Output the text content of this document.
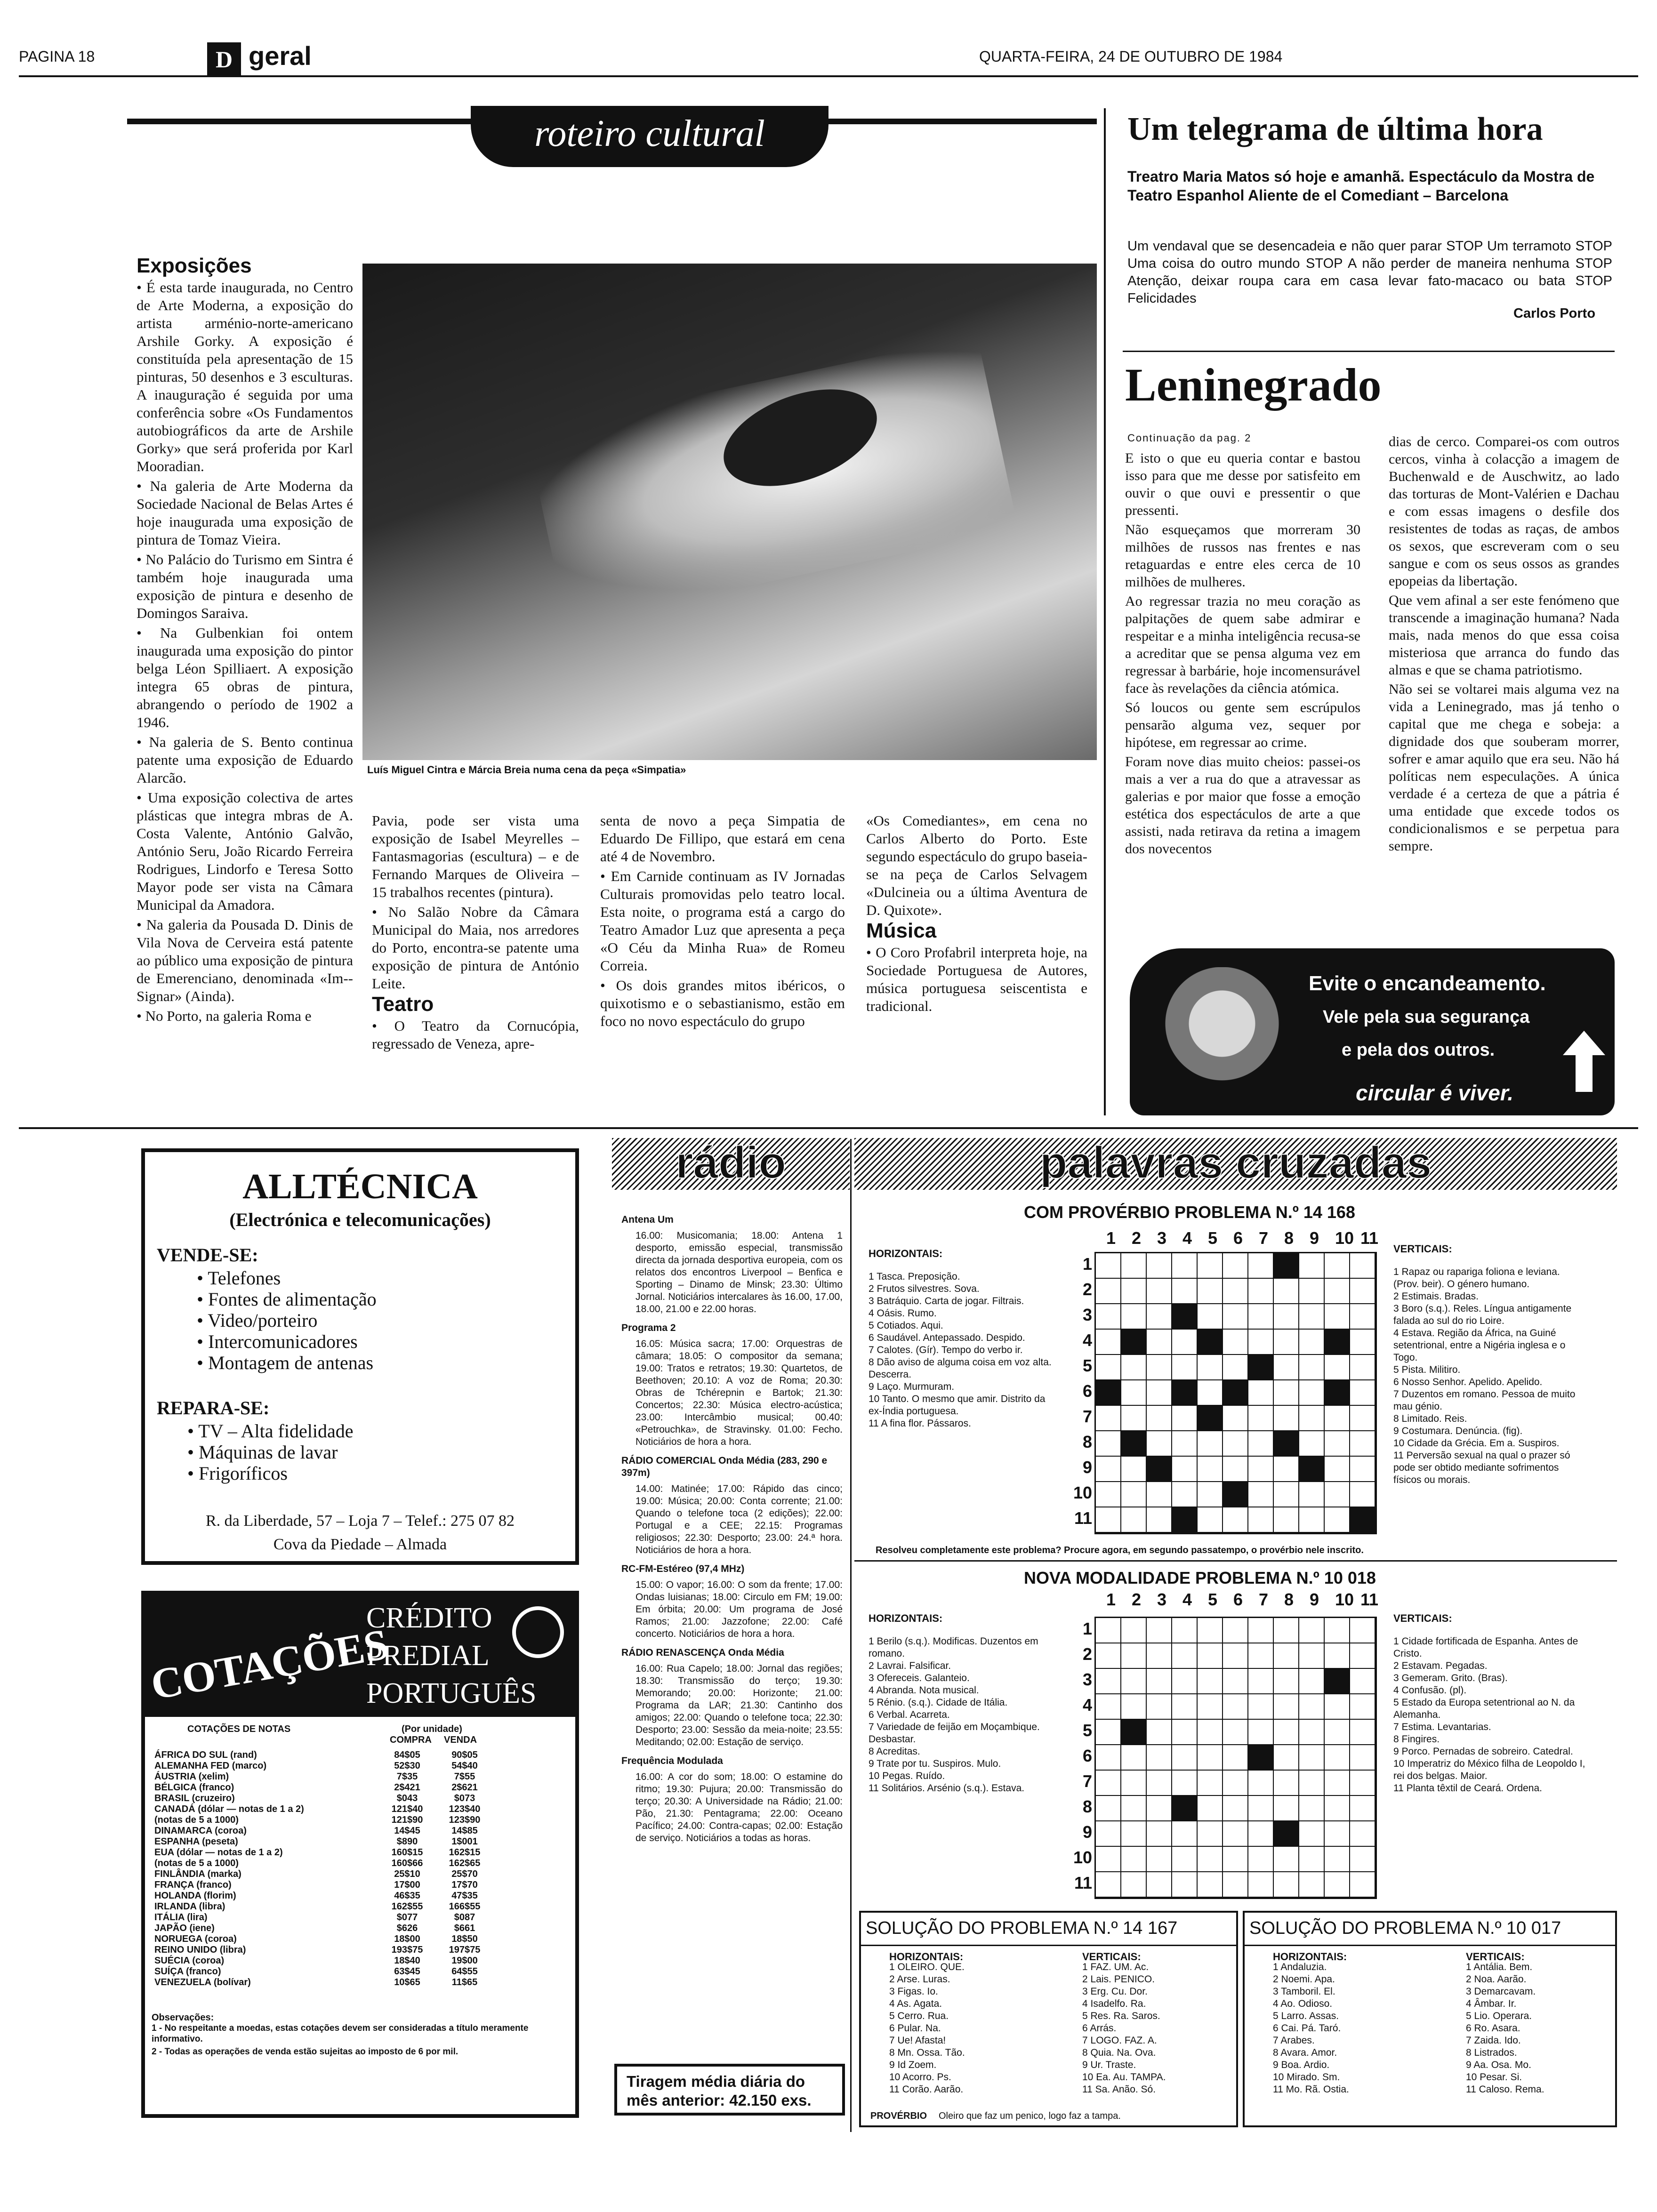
PAGINA 18	D geral	QUARTA-FEIRA, 24 DE OUTUBRO DE 1984
roteiro cultural
Luís Miguel Cintra e Márcia Breia numa cena da peça «Simpatia»
Exposições

• É esta tarde inaugurada, no Centro de Arte Moderna, a exposição do artista arménio-norte-americano Arshile Gorky. A exposição é constituída pela apresentação de 15 pinturas, 50 desenhos e 3 esculturas. A inauguração é seguida por uma conferência sobre «Os Fundamentos autobiográficos da arte de Arshile Gorky» que será proferida por Karl Mooradian.

• Na galeria de Arte Moderna da Sociedade Nacional de Belas Artes é hoje inaugurada uma exposição de pintura de Tomaz Vieira.

• No Palácio do Turismo em Sintra é também hoje inaugurada uma exposição de pintura e desenho de Domingos Saraiva.

• Na Gulbenkian foi ontem inaugurada uma exposição do pintor belga Léon Spilliaert. A exposição integra 65 obras de pintura, abrangendo o período de 1902 a 1946.

• Na galeria de S. Bento continua patente uma exposição de Eduardo Alarcão.

• Uma exposição colectiva de artes plásticas que integra mbras de A. Costa Valente, António Galvão, António Seru, João Ricardo Ferreira Rodrigues, Lindorfo e Teresa Sotto Mayor pode ser vista na Câmara Municipal da Amadora.

• Na galeria da Pousada D. Dinis de Vila Nova de Cerveira está patente ao público uma exposição de pintura de Emerenciano, denominada «Im--Signar» (Ainda).

• No Porto, na galeria Roma e

Pavia, pode ser vista uma exposição de Isabel Meyrelles – Fantasmagorias (escultura) – e de Fernando Marques de Oliveira – 15 trabalhos recentes (pintura).

• No Salão Nobre da Câmara Municipal do Maia, nos arredores do Porto, encontra-se patente uma exposição de pintura de António Leite.

Teatro

• O Teatro da Cornucópia, regressado de Veneza, apre-

senta de novo a peça Simpatia de Eduardo De Fillipo, que estará em cena até 4 de Novembro.

• Em Carnide continuam as IV Jornadas Culturais promovidas pelo teatro local. Esta noite, o programa está a cargo do Teatro Amador Luz que apresenta a peça «O Céu da Minha Rua» de Romeu Correia.

• Os dois grandes mitos ibéricos, o quixotismo e o sebastianismo, estão em foco no novo espectáculo do grupo

«Os Comediantes», em cena no Carlos Alberto do Porto. Este segundo espectáculo do grupo baseia-se na peça de Carlos Selvagem «Dulcineia ou a última Aventura de D. Quixote».

Música

• O Coro Profabril interpreta hoje, na Sociedade Portuguesa de Autores, música portuguesa seiscentista e tradicional.

Um telegrama de última hora
Treatro Maria Matos só hoje e amanhã. Espectáculo da Mostra de Teatro Espanhol Aliente de el Comediant – Barcelona
Um vendaval que se desencadeia e não quer parar STOP Um terramoto STOP Uma coisa do outro mundo STOP A não perder de maneira nenhuma STOP Atenção, deixar roupa cara em casa levar fato-macaco ou bata STOP Felicidades
Carlos Porto
Leninegrado
Continuação da pag. 2

E isto o que eu queria contar e bastou isso para que me desse por satisfeito em ouvir o que ouvi e pressentir o que pressenti.

Não esqueçamos que morreram 30 milhões de russos nas frentes e nas retaguardas e entre eles cerca de 10 milhões de mulheres.

Ao regressar trazia no meu coração as palpitações de quem sabe admirar e respeitar e a minha inteligência recusa-se a acreditar que se pensa alguma vez em regressar à barbárie, hoje incomensurável face às revelações da ciência atómica.

Só loucos ou gente sem escrúpulos pensarão alguma vez, sequer por hipótese, em regressar ao crime.

Foram nove dias muito cheios: passei-os mais a ver a rua do que a atravessar as galerias e por maior que fosse a emoção estética dos espectáculos de arte a que assisti, nada retirava da retina a imagem dos novecentos

dias de cerco. Comparei-os com outros cercos, vinha à colacção a imagem de Buchenwald e de Auschwitz, ao lado das torturas de Mont-Valérien e Dachau e com essas imagens o desfile dos resistentes de todas as raças, de ambos os sexos, que escreveram com o seu sangue e com os seus ossos as grandes epopeias da libertação.

Que vem afinal a ser este fenómeno que transcende a imaginação humana? Nada mais, nada menos do que essa coisa misteriosa que arranca do fundo das almas e que se chama patriotismo.

Não sei se voltarei mais alguma vez na vida a Leninegrado, mas já tenho o capital que me chega e sobeja: a dignidade dos que souberam morrer, sofrer e amar aquilo que era seu. Não há políticas nem especulações. A única verdade é a certeza de que a pátria é uma entidade que excede todos os condicionalismos e se perpetua para sempre.

Evite o encandeamento.
Vele pela sua segurança
e pela dos outros.
circular é viver.
ALLTÉCNICA
(Electrónica e telecomunicações)
VENDE-SE:
• Telefones
• Fontes de alimentação
• Video/porteiro
• Intercomunicadores
• Montagem de antenas
REPARA-SE:
• TV – Alta fidelidade
• Máquinas de lavar
• Frigoríficos
R. da Liberdade, 57 – Loja 7 – Telef.: 275 07 82
Cova da Piedade – Almada
COTAÇÕES
CRÉDITO
PREDIAL
PORTUGUÊS
COTAÇÕES DE NOTAS	(Por unidade)
COMPRA VENDA
ÁFRICA DO SUL (rand)	84$05	90$05
ALEMANHA FED (marco)	52$30	54$40
ÁUSTRIA (xelim)	7$35	7$55
BÉLGICA (franco)	2$421	2$621
BRASIL (cruzeiro)	$043	$073
CANADÁ (dólar — notas de 1 a 2)	121$40	123$40
(notas de 5 a 1000)	121$90	123$90
DINAMARCA (coroa)	14$45	14$85
ESPANHA (peseta)	$890	1$001
EUA (dólar — notas de 1 a 2)	160$15	162$15
(notas de 5 a 1000)	160$66	162$65
FINLÂNDIA (marka)	25$10	25$70
FRANÇA (franco)	17$00	17$70
HOLANDA (florim)	46$35	47$35
IRLANDA (libra)	162$55	166$55
ITÁLIA (lira)	$077	$087
JAPÃO (iene)	$626	$661
NORUEGA (coroa)	18$00	18$50
REINO UNIDO (libra)	193$75	197$75
SUÉCIA (coroa)	18$40	19$00
SUÍÇA (franco)	63$45	64$55
VENEZUELA (bolívar)	10$65	11$65
Observações:
1 - No respeitante a moedas, estas cotações devem ser consideradas a título meramente informativo.
2 - Todas as operações de venda estão sujeitas ao imposto de 6 por mil.
rádio
Antena Um
16.00: Musicomania; 18.00: Antena 1 desporto, emissão especial, transmissão directa da jornada desportiva europeia, com os relatos dos encontros Liverpool – Benfica e Sporting – Dinamo de Minsk; 23.30: Último Jornal. Noticiários intercalares às 16.00, 17.00, 18.00, 21.00 e 22.00 horas.
Programa 2
16.05: Música sacra; 17.00: Orquestras de câmara; 18.05: O compositor da semana; 19.00: Tratos e retratos; 19.30: Quartetos, de Beethoven; 20.10: A voz de Roma; 20.30: Obras de Tchérepnin e Bartok; 21.30: Concertos; 22.30: Música electro-acústica; 23.00: Intercâmbio musical; 00.40: «Petrouchka», de Stravinsky. 01.00: Fecho. Noticiários de hora a hora.
RÁDIO COMERCIAL Onda Média (283, 290 e 397m)
14.00: Matinée; 17.00: Rápido das cinco; 19.00: Música; 20.00: Conta corrente; 21.00: Quando o telefone toca (2 edições); 22.00: Portugal e a CEE; 22.15: Programas religiosos; 22.30: Desporto; 23.00: 24.ª hora. Noticiários de hora a hora.
RC-FM-Estéreo (97,4 MHz)
15.00: O vapor; 16.00: O som da frente; 17.00: Ondas luisianas; 18.00: Circulo em FM; 19.00: Em órbita; 20.00: Um programa de José Ramos; 21.00: Jazzofone; 22.00: Café concerto. Noticiários de hora a hora.
RÁDIO RENASCENÇA Onda Média
16.00: Rua Capelo; 18.00: Jornal das regiões; 18.30: Transmissão do terço; 19.30: Memorando; 20.00: Horizonte; 21.00: Programa da LAR; 21.30: Cantinho dos amigos; 22.00: Quando o telefone toca; 22.30: Desporto; 23.00: Sessão da meia-noite; 23.55: Meditando; 02.00: Estação de serviço.
Frequência Modulada
16.00: A cor do som; 18.00: O estamine do ritmo; 19.30: Pujura; 20.00: Transmissão do terço; 20.30: A Universidade na Rádio; 21.00: Pão, 21.30: Pentagrama; 22.00: Oceano Pacífico; 24.00: Contra-capas; 02.00: Estação de serviço. Noticiários a todas as horas.
Tiragem média diária do mês anterior: 42.150 exs.
palavras cruzadas
COM PROVÉRBIO PROBLEMA N.º 14 168
HORIZONTAIS:
1 Tasca. Preposição.
2 Frutos silvestres. Sova.
3 Batráquio. Carta de jogar. Filtrais.
4 Oásis. Rumo.
5 Cotiados. Aqui.
6 Saudável. Antepassado. Despido.
7 Calotes. (Gír). Tempo do verbo ir.
8 Dão aviso de alguma coisa em voz alta. Descerra.
9 Laço. Murmuram.
10 Tanto. O mesmo que amir. Distrito da ex-Índia portuguesa.
11 A fina flor. Pássaros.
1 2 3 4 5 6 7 8 9 10 11
1
2
3
4
5
6
7
8
9
10
11
VERTICAIS:
1 Rapaz ou rapariga foliona e leviana. (Prov. beir). O género humano.
2 Estimais. Bradas.
3 Boro (s.q.). Reles. Língua antigamente falada ao sul do rio Loire.
4 Estava. Região da África, na Guiné setentrional, entre a Nigéria inglesa e o Togo.
5 Pista. Militiro.
6 Nosso Senhor. Apelido. Apelido.
7 Duzentos em romano. Pessoa de muito mau génio.
8 Limitado. Reis.
9 Costumara. Denúncia. (fig).
10 Cidade da Grécia. Em a. Suspiros.
11 Perversão sexual na qual o prazer só pode ser obtido mediante sofrimentos físicos ou morais.
Resolveu completamente este problema? Procure agora, em segundo passatempo, o provérbio nele inscrito.
NOVA MODALIDADE PROBLEMA N.º 10 018
HORIZONTAIS:
1 Berilo (s.q.). Modificas. Duzentos em romano.
2 Lavrai. Falsificar.
3 Ofereceis. Galanteio.
4 Abranda. Nota musical.
5 Rénio. (s.q.). Cidade de Itália.
6 Verbal. Acarreta.
7 Variedade de feijão em Moçambique. Desbastar.
8 Acreditas.
9 Trate por tu. Suspiros. Mulo.
10 Pegas. Ruído.
11 Solitários. Arsénio (s.q.). Estava.
1 2 3 4 5 6 7 8 9 10 11
1
2
3
4
5
6
7
8
9
10
11
VERTICAIS:
1 Cidade fortificada de Espanha. Antes de Cristo.
2 Estavam. Pegadas.
3 Gemeram. Grito. (Bras).
4 Confusão. (pl).
5 Estado da Europa setentrional ao N. da Alemanha.
7 Estima. Levantarias.
8 Fingires.
9 Porco. Pernadas de sobreiro. Catedral.
10 Imperatriz do México filha de Leopoldo I, rei dos belgas. Maior.
11 Planta têxtil de Ceará. Ordena.
SOLUÇÃO DO PROBLEMA N.º 14 167
HORIZONTAIS:
1 OLEIRO. QUE.
2 Arse. Luras.
3 Figas. Io.
4 As. Agata.
5 Cerro. Rua.
6 Pular. Na.
7 Ue! Afasta!
8 Mn. Ossa. Tão.
9 Id Zoem.
10 Acorro. Ps.
11 Corão. Aarão.
VERTICAIS:
1 FAZ. UM. Ac.
2 Lais. PENICO.
3 Erg. Cu. Dor.
4 Isadelfo. Ra.
5 Res. Ra. Saros.
6 Arrás.
7 LOGO. FAZ. A.
8 Quia. Na. Ova.
9 Ur. Traste.
10 Ea. Au. TAMPA.
11 Sa. Anão. Só.
PROVÉRBIO Oleiro que faz um penico, logo faz a tampa.
SOLUÇÃO DO PROBLEMA N.º 10 017
HORIZONTAIS:
1 Andaluzia.
2 Noemi. Apa.
3 Tamboril. El.
4 Ao. Odioso.
5 Larro. Assas.
6 Cai. Pá. Taró.
7 Arabes.
8 Avara. Amor.
9 Boa. Ardio.
10 Mirado. Sm.
11 Mo. Rã. Ostia.
VERTICAIS:
1 Antália. Bem.
2 Noa. Aarão.
3 Demarcavam.
4 Âmbar. Ir.
5 Lio. Operara.
6 Ro. Asara.
7 Zaida. Ido.
8 Listrados.
9 Aa. Osa. Mo.
10 Pesar. Si.
11 Caloso. Rema.
